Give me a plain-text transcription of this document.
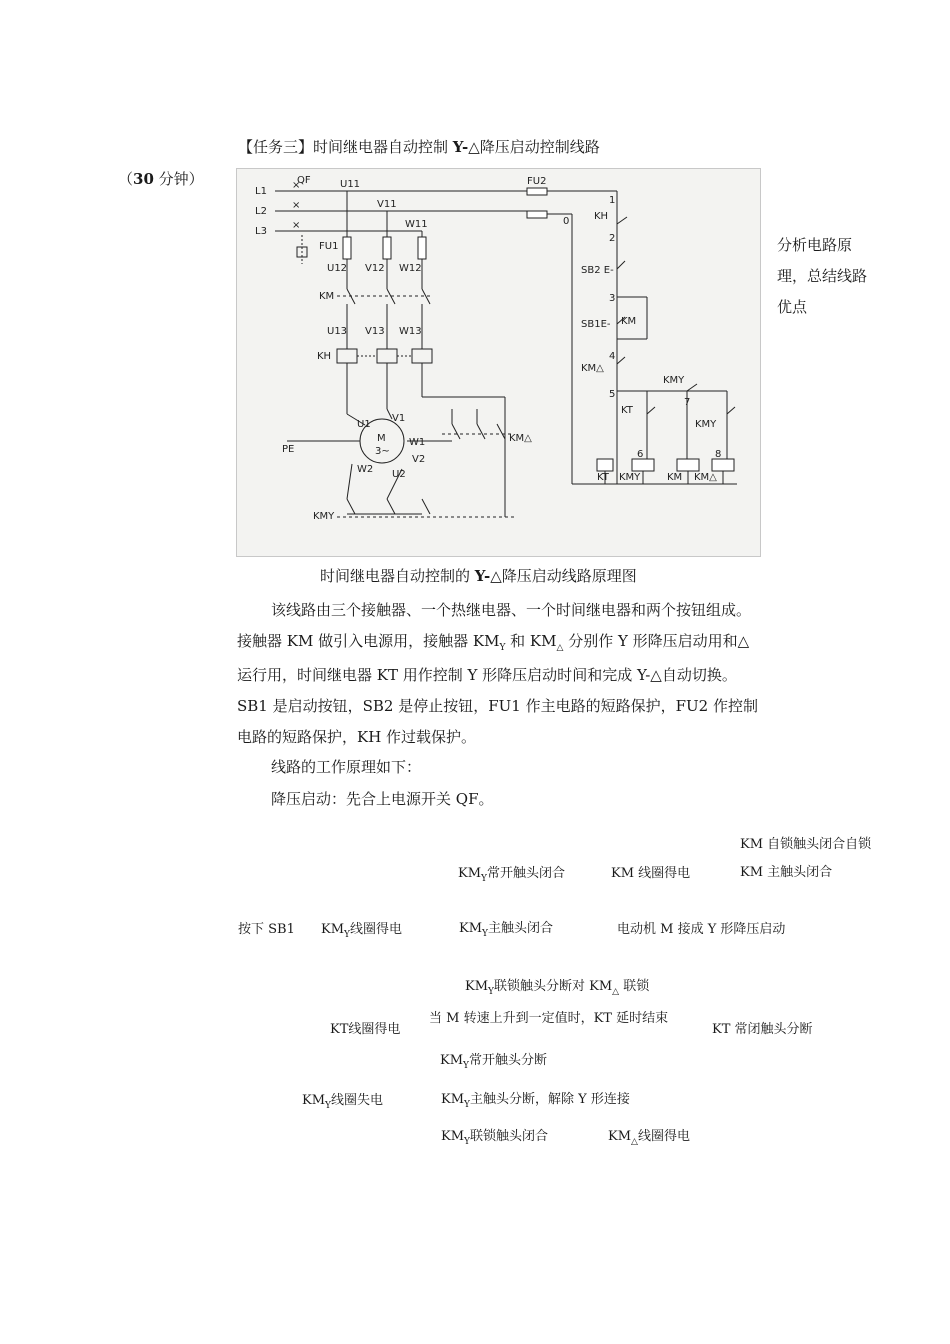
【任务三】时间继电器自动控制 Y-△降压启动控制线路
（30 分钟）
分析电路原理，总结线路优点
×
×
×
L1
L2
L3
QF	U11
V11
W11
FU1
U12 V12 W12
KM
U13 V13 W13
KH
U1
V1
W1
M
3~
W2 U2
V2
PE
KM△
KMY
FU2
0
1
2
3
4
5
6
7
8
KH
SB2 E-
SB1E- KM
KM△
KMY
KT
KMY
KT KMY	KM KM△
时间继电器自动控制的 Y-△降压启动线路原理图
该线路由三个接触器、一个热继电器、一个时间继电器和两个按钮组成。接触器 KM 做引入电源用，接触器 $KM_Y$ 和 $KM_\triangle$ 分别作 Y 形降压启动用和△运行用，时间继电器 KT 用作控制 Y 形降压启动时间和完成 Y-△自动切换。SB1 是启动按钮，SB2 是停止按钮，FU1 作主电路的短路保护，FU2 作控制电路的短路保护，KH 作过载保护。
线路的工作原理如下：
降压启动：先合上电源开关 QF。
KM 自锁触头闭合自锁
$KM_Y$常开触头闭合	KM 线圈得电	KM 主触头闭合
按下 SB1 $KM_Y$线圈得电	$KM_Y$主触头闭合	电动机 M 接成 Y 形降压启动
$KM_Y$联锁触头分断对 $KM_\triangle$ 联锁
当 M 转速上升到一定值时，KT 延时结束
KT线圈得电	KT 常闭触头分断
$KM_Y$常开触头分断
$KM_Y$线圈失电	$KM_Y$主触头分断，解除 Y 形连接
$KM_Y$联锁触头闭合	$KM_\triangle$线圈得电
